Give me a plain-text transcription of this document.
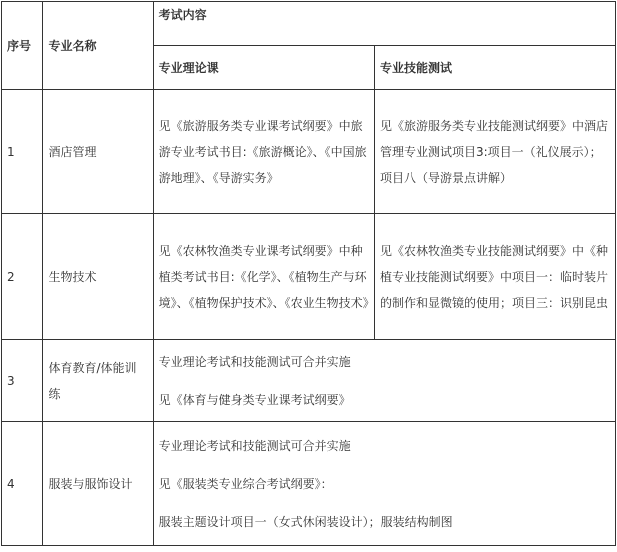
序号	专业名称	考试内容	
		专业理论课	专业技能测试
1	酒店管理	见《旅游服务类专业课考试纲要》中旅游专业考试书目:《旅游概论》、《中国旅游地理》、《导游实务》	见《旅游服务类专业技能测试纲要》中酒店管理专业测试项目3:项目一（礼仪展示）；项目八（导游景点讲解）
2	生物技术	见《农林牧渔类专业课考试纲要》中种植类考试书目:《化学》、《植物生产与环境》、《植物保护技术》、《农业生物技术》	见《农林牧渔类专业技能测试纲要》中《种植专业技能测试纲要》中项目一：临时装片的制作和显微镜的使用；项目三：识别昆虫
3	体育教育/体能训练	专业理论考试和技能测试可合并实施

见《体育与健身类专业课考试纲要》	

4	服装与服饰设计	专业理论考试和技能测试可合并实施

见《服装类专业综合考试纲要》：

服装主题设计项目一（女式休闲装设计）；服装结构制图	
